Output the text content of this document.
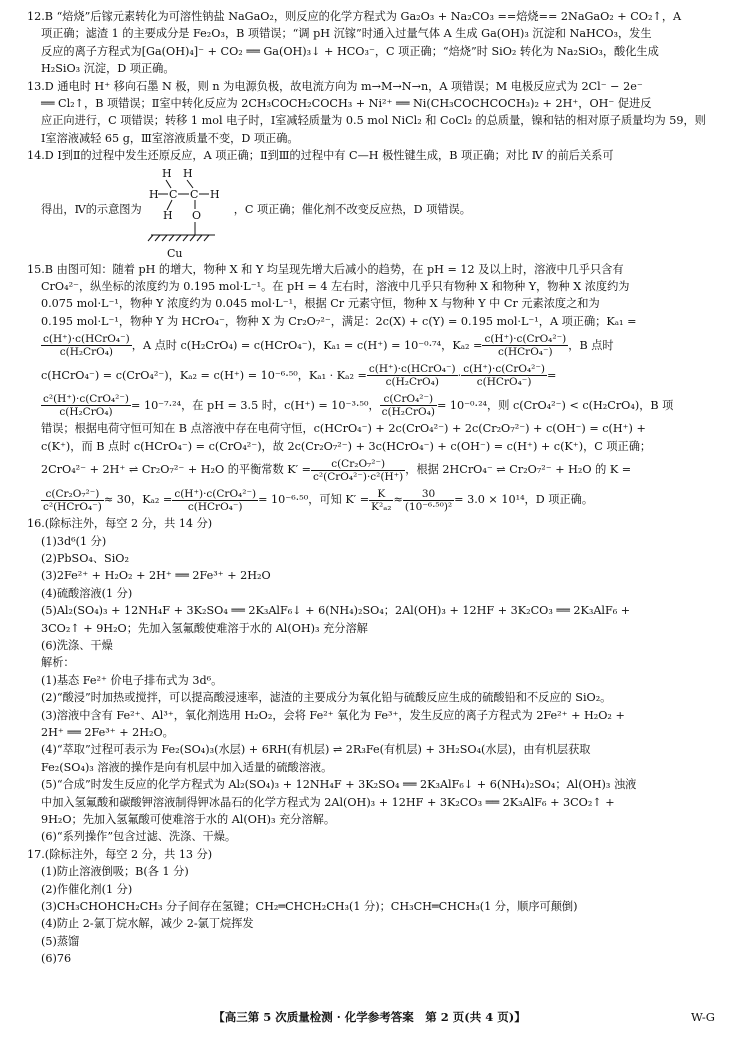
12.B “焙烧”后镓元素转化为可溶性钠盐 NaGaO₂，则反应的化学方程式为 Ga₂O₃ + Na₂CO₃ ==焙烧== 2NaGaO₂ + CO₂↑，A
项正确；滤渣 1 的主要成分是 Fe₂O₃，B 项错误；“调 pH 沉镓”时通入过量气体 A 生成 Ga(OH)₃ 沉淀和 NaHCO₃，发生
反应的离子方程式为[Ga(OH)₄]⁻ + CO₂ ══ Ga(OH)₃↓ + HCO₃⁻，C 项正确；“焙烧”时 SiO₂ 转化为 Na₂SiO₃，酸化生成
H₂SiO₃ 沉淀，D 项正确。
13.D 通电时 H⁺ 移向石墨 N 极，则 n 为电源负极，故电流方向为 m→M→N→n，A 项错误；M 电极反应式为 2Cl⁻ − 2e⁻
══ Cl₂↑，B 项错误；Ⅱ室中转化反应为 2CH₃COCH₂COCH₃ + Ni²⁺ ══ Ni(CH₃COCHCOCH₃)₂ + 2H⁺，OH⁻ 促进反
应正向进行，C 项错误；转移 1 mol 电子时，Ⅰ室减轻质量为 0.5 mol NiCl₂ 和 CoCl₂ 的总质量，镍和钴的相对原子质量均为 59，则
Ⅰ室溶液减轻 65 g，Ⅲ室溶液质量不变，D 项正确。
14.D Ⅰ到Ⅱ的过程中发生还原反应，A 项正确；Ⅱ到Ⅲ的过程中有 C—H 极性键生成，B 项正确；对比 Ⅳ 的前后关系可
得出，Ⅳ的示意图为	，C 项正确；催化剂不改变反应热，D 项错误。
H H
H C C H
H O
Cu
15.B 由图可知：随着 pH 的增大，物种 X 和 Y 均呈现先增大后减小的趋势，在 pH = 12 及以上时，溶液中几乎只含有
CrO₄²⁻，纵坐标的浓度约为 0.195 mol·L⁻¹。在 pH = 4 左右时，溶液中几乎只有物种 X 和物种 Y，物种 X 浓度约为
0.075 mol·L⁻¹，物种 Y 浓度约为 0.045 mol·L⁻¹，根据 Cr 元素守恒，物种 X 与物种 Y 中 Cr 元素浓度之和为
0.195 mol·L⁻¹，物种 Y 为 HCrO₄⁻，物种 X 为 Cr₂O₇²⁻，满足：2c(X) + c(Y) = 0.195 mol·L⁻¹，A 项正确；Kₐ₁ =
$\frac{\text{c(H⁺)·c(HCrO₄⁻)}}{\text{c(H₂CrO₄)}}$ ，A 点时 c(H₂CrO₄) = c(HCrO₄⁻)，Kₐ₁ = c(H⁺) = 10⁻⁰·⁷⁴，$K_{a2} = \frac{\text{c(H⁺)·c(CrO₄²⁻)}}{\text{c(HCrO₄⁻)}}$ ，B 点时
c(HCrO₄⁻) = c(CrO₄²⁻)，Kₐ₂ = c(H⁺) = 10⁻⁶·⁵⁰，$K_{a1} \cdot K_{a2} = \frac{\text{c(H⁺)·c(HCrO₄⁻)}}{\text{c(H₂CrO₄)}} \cdot \frac{\text{c(H⁺)·c(CrO₄²⁻)}}{\text{c(HCrO₄⁻)}}$ =
$\frac{\text{c²(H⁺)·c(CrO₄²⁻)}}{\text{c(H₂CrO₄)}} = 10^{-7}\cdot^{24}$，在 pH = 3.5 时，c(H⁺) = 10⁻³·⁵⁰， $\frac{\text{c(CrO₄²⁻)}}{\text{c(H₂CrO₄)}} = 10^{-0}\cdot^{24}$，则 c(CrO₄²⁻) < c(H₂CrO₄)，B 项
错误；根据电荷守恒可知在 B 点溶液中存在电荷守恒，c(HCrO₄⁻) + 2c(CrO₄²⁻) + 2c(Cr₂O₇²⁻) + c(OH⁻) = c(H⁺) +
c(K⁺)，而 B 点时 c(HCrO₄⁻) = c(CrO₄²⁻)，故 2c(Cr₂O₇²⁻) + 3c(HCrO₄⁻) + c(OH⁻) = c(H⁺) + c(K⁺)，C 项正确；
2CrO₄²⁻ + 2H⁺ ⇌ Cr₂O₇²⁻ + H₂O 的平衡常数 $K' = \frac{\text{c(Cr₂O₇²⁻)}}{\text{c²(CrO₄²⁻)·c²(H⁺)}}$ ，根据 2HCrO₄⁻ ⇌ Cr₂O₇²⁻ + H₂O 的 K =
$\frac{\text{c(Cr₂O₇²⁻)}}{\text{c²(HCrO₄⁻)}} \approx 30$，$K_{a2} = \frac{\text{c(H⁺)·c(CrO₄²⁻)}}{\text{c(HCrO₄⁻)}} = 10^{-6}\cdot^{50}$，可知 $K' = \frac{K}{\text{K²ₐ₂}} \approx \frac{30}{\text{(10⁻⁶·⁵⁰)²}} = 3.0 \times 10^{14}$，D 项正确。
16.(除标注外，每空 2 分，共 14 分)
(1)3d⁶(1 分)
(2)PbSO₄、SiO₂
(3)2Fe²⁺ + H₂O₂ + 2H⁺ ══ 2Fe³⁺ + 2H₂O
(4)硫酸溶液(1 分)
(5)Al₂(SO₄)₃ + 12NH₄F + 3K₂SO₄ ══ 2K₃AlF₆↓ + 6(NH₄)₂SO₄；2Al(OH)₃ + 12HF + 3K₂CO₃ ══ 2K₃AlF₆ +
3CO₂↑ + 9H₂O；先加入氢氟酸使难溶于水的 Al(OH)₃ 充分溶解
(6)洗涤、干燥
解析：
(1)基态 Fe²⁺ 价电子排布式为 3d⁶。
(2)“酸浸”时加热或搅拌，可以提高酸浸速率，滤渣的主要成分为氧化铅与硫酸反应生成的硫酸铅和不反应的 SiO₂。
(3)溶液中含有 Fe²⁺、Al³⁺，氧化剂选用 H₂O₂，会将 Fe²⁺ 氧化为 Fe³⁺，发生反应的离子方程式为 2Fe²⁺ + H₂O₂ +
2H⁺ ══ 2Fe³⁺ + 2H₂O。
(4)“萃取”过程可表示为 Fe₂(SO₄)₃(水层) + 6RH(有机层) ⇌ 2R₃Fe(有机层) + 3H₂SO₄(水层)，由有机层获取
Fe₂(SO₄)₃ 溶液的操作是向有机层中加入适量的硫酸溶液。
(5)“合成”时发生反应的化学方程式为 Al₂(SO₄)₃ + 12NH₄F + 3K₂SO₄ ══ 2K₃AlF₆↓ + 6(NH₄)₂SO₄；Al(OH)₃ 浊液
中加入氢氟酸和碳酸钾溶液制得钾冰晶石的化学方程式为 2Al(OH)₃ + 12HF + 3K₂CO₃ ══ 2K₃AlF₆ + 3CO₂↑ +
9H₂O；先加入氢氟酸可使难溶于水的 Al(OH)₃ 充分溶解。
(6)“系列操作”包含过滤、洗涤、干燥。
17.(除标注外，每空 2 分，共 13 分)
(1)防止溶液倒吸；B(各 1 分)
(2)作催化剂(1 分)
(3)CH₃CHOHCH₂CH₃ 分子间存在氢键；CH₂═CHCH₂CH₃(1 分)；CH₃CH═CHCH₃(1 分，顺序可颠倒)
(4)防止 2-氯丁烷水解，减少 2-氯丁烷挥发
(5)蒸馏
(6)76
【高三第 5 次质量检测 · 化学参考答案　第 2 页(共 4 页)】	W-G
